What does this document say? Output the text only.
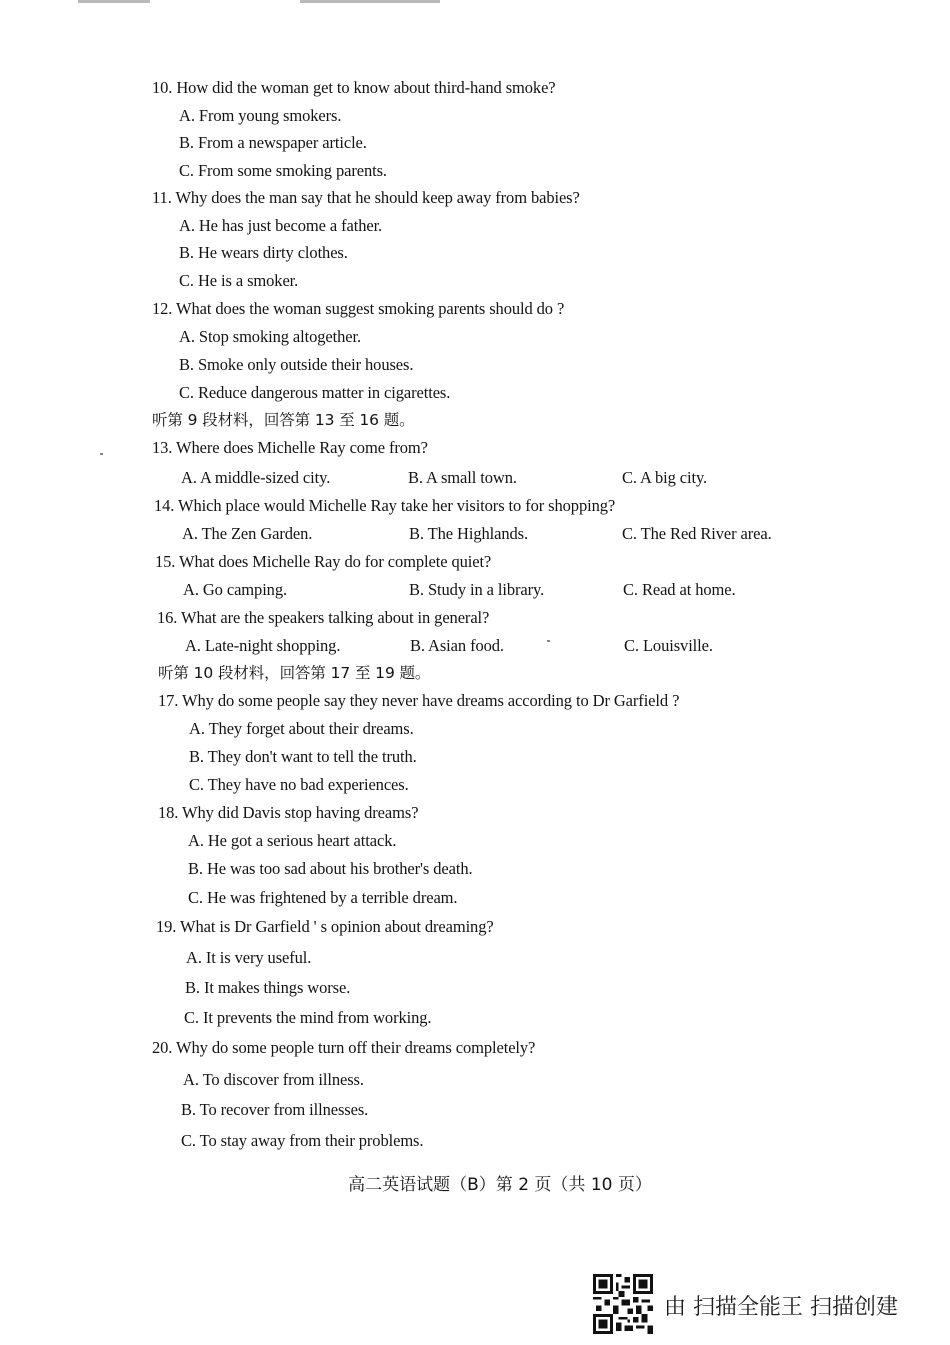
10. How did the woman get to know about third-hand smoke?
A. From young smokers.
B. From a newspaper article.
C. From some smoking parents.
11. Why does the man say that he should keep away from babies?
A. He has just become a father.
B. He wears dirty clothes.
C. He is a smoker.
12. What does the woman suggest smoking parents should do ?
A. Stop smoking altogether.
B. Smoke only outside their houses.
C. Reduce dangerous matter in cigarettes.
听第 9 段材料，回答第 13 至 16 题。
13. Where does Michelle Ray come from?
A. A middle-sized city.	B. A small town.	C. A big city.
14. Which place would Michelle Ray take her visitors to for shopping?
A. The Zen Garden.	B. The Highlands.	C. The Red River area.
15. What does Michelle Ray do for complete quiet?
A. Go camping.	B. Study in a library.	C. Read at home.
16. What are the speakers talking about in general?
A. Late-night shopping.	B. Asian food.	C. Louisville.
听第 10 段材料，回答第 17 至 19 题。
17. Why do some people say they never have dreams according to Dr Garfield ?
A. They forget about their dreams.
B. They don't want to tell the truth.
C. They have no bad experiences.
18. Why did Davis stop having dreams?
A. He got a serious heart attack.
B. He was too sad about his brother's death.
C. He was frightened by a terrible dream.
19. What is Dr Garfield ' s opinion about dreaming?
A. It is very useful.
B. It makes things worse.
C. It prevents the mind from working.
20. Why do some people turn off their dreams completely?
A. To discover from illness.
B. To recover from illnesses.
C. To stay away from their problems.
高二英语试题（B）第 2 页（共 10 页）
由 扫描全能王 扫描创建
